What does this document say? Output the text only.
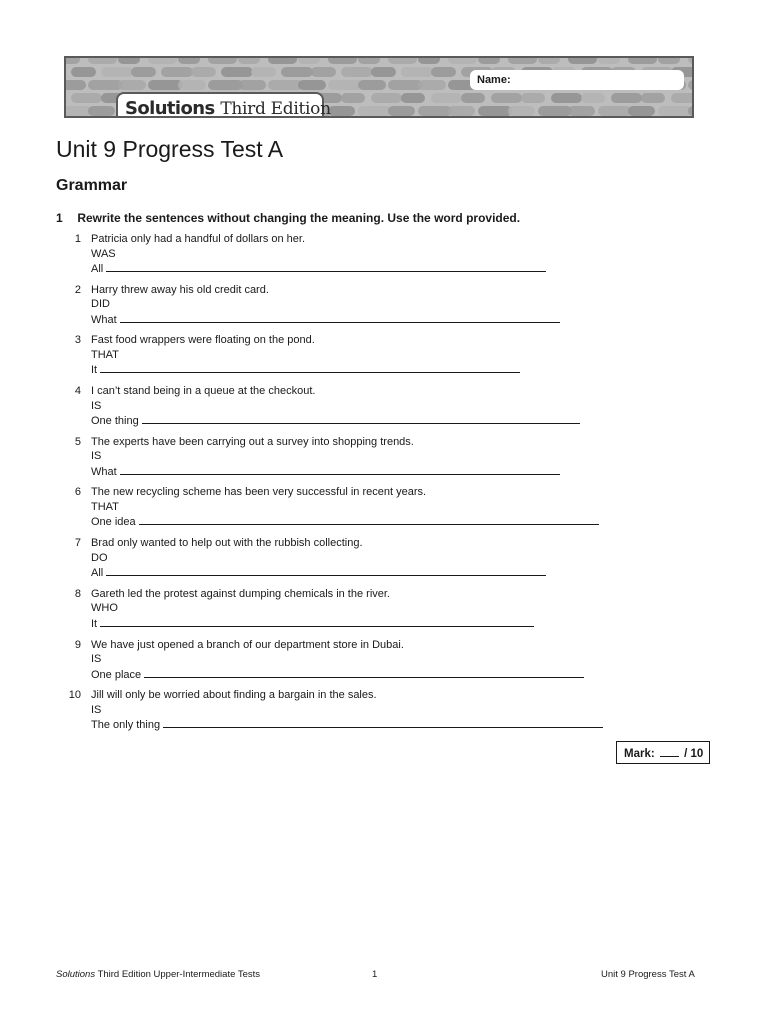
Name:
Solutions Third Edition
Unit 9 Progress Test A
Grammar
1 Rewrite the sentences without changing the meaning. Use the word provided.
1 Patricia only had a handful of dollars on her.
WAS
All
2 Harry threw away his old credit card.
DID
What
3 Fast food wrappers were floating on the pond.
THAT
It
4 I can’t stand being in a queue at the checkout.
IS
One thing
5 The experts have been carrying out a survey into shopping trends.
IS
What
6 The new recycling scheme has been very successful in recent years.
THAT
One idea
7 Brad only wanted to help out with the rubbish collecting.
DO
All
8 Gareth led the protest against dumping chemicals in the river.
WHO
It
9 We have just opened a branch of our department store in Dubai.
IS
One place
10 Jill will only be worried about finding a bargain in the sales.
IS
The only thing
Mark:	/ 10
Solutions Third Edition Upper-Intermediate Tests	1	Unit 9 Progress Test A
